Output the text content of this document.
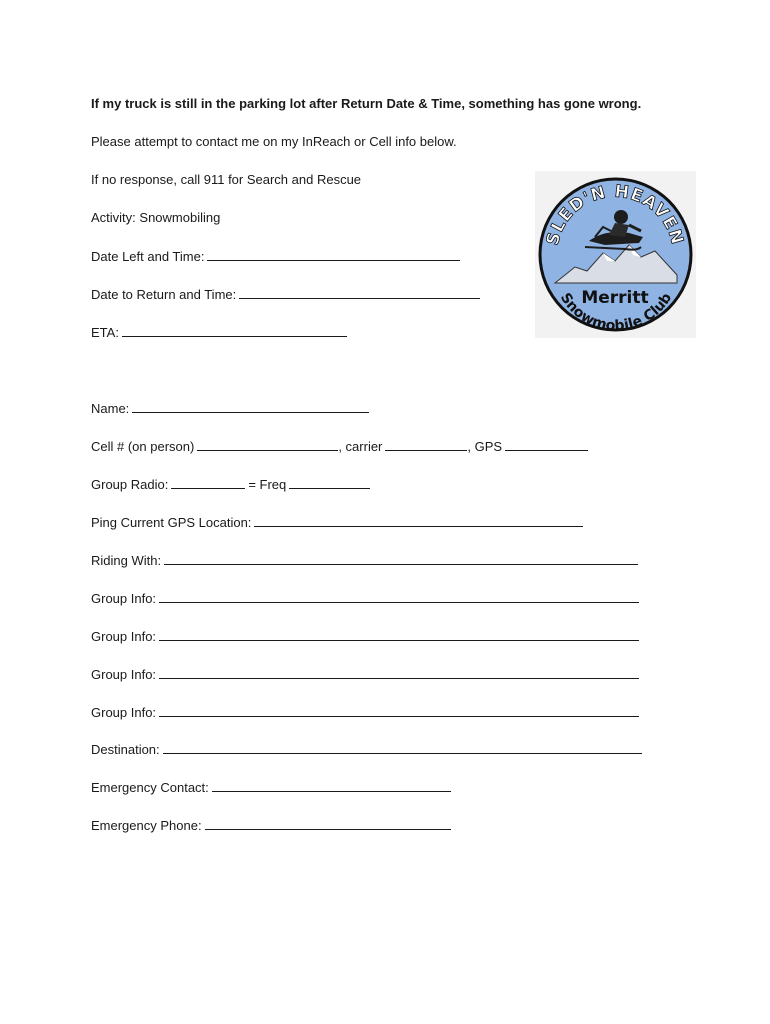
If my truck is still in the parking lot after Return Date & Time, something has gone wrong.
Please attempt to contact me on my InReach or Cell info below.
If no response, call 911 for Search and Rescue
Activity: Snowmobiling
Date Left and Time:
Date to Return and Time:
ETA:
Name:
Cell # (on person)	, carrier	, GPS
Group Radio:	= Freq
Ping Current GPS Location:
Riding With:
Group Info:
Group Info:
Group Info:
Group Info:
Destination:
Emergency Contact:
Emergency Phone:
SLED'N HEAVEN
Merritt
Snowmobile Club
